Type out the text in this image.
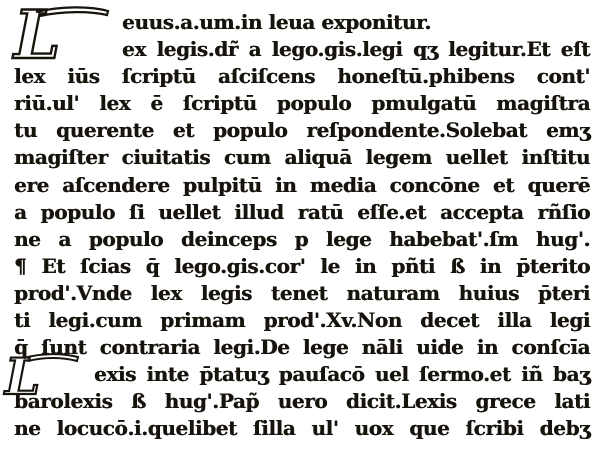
L
L
euus.a.um.in leua exponitur.
ex legis.dr̃ a lego.gis.legi qʒ legitur.Et eſt
lex iūs ſcriptū aſciſcens honeſtū.phibens cont'
riū.ul' lex ē ſcriptū populo pmulgatū magiſtra
tu querente et populo reſpondente.Solebat emʒ
magiſter ciuitatis cum aliquā legem uellet inſtitu
ere aſcendere pulpitū in media concōne et querē
a populo ſi uellet illud ratū eſſe.et accepta rñſio
ne a populo deinceps p lege habebat'.ſm hug'.
¶ Et ſcias q̄ lego.gis.cor' le in pñti ß in p̄terito
prod'.Vnde lex legis tenet naturam huius p̄teri
ti legi.cum primam prod'.Xv.Non decet illa legi
q̄ ſunt contraria legi.De lege nāli uide in conſcīa
exis inte p̄tatuʒ pauſacō uel ſermo.et iñ baʒ
barolexis ß hug'.Pap̃ uero dicit.Lexis grece lati
ne locucō.i.quelibet ſilla ul' uox que ſcribi debʒ
